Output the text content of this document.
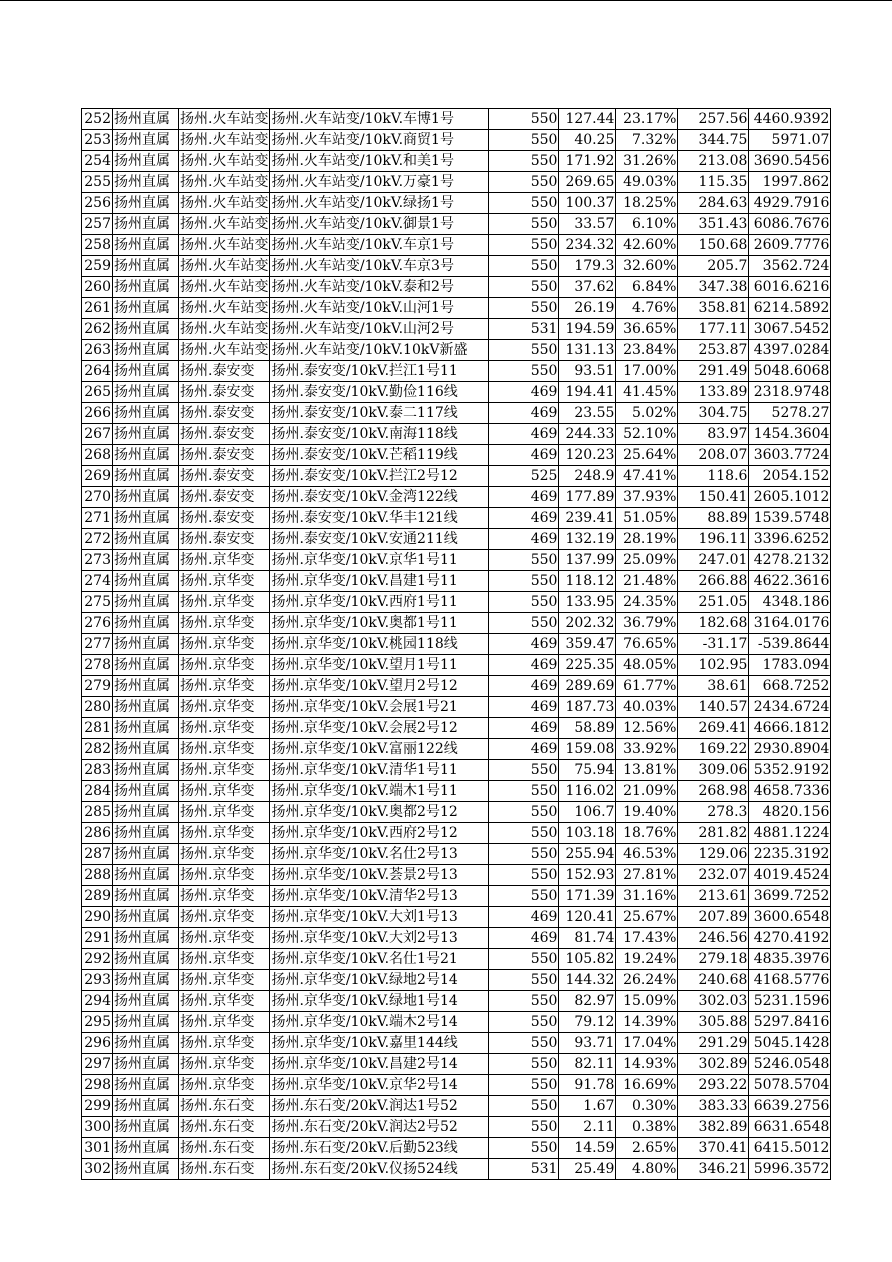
252	扬州直属	扬州.火车站变	扬州.火车站变/10kV.车博1号	550	127.44	23.17%	257.56	4460.9392
253	扬州直属	扬州.火车站变	扬州.火车站变/10kV.商贸1号	550	40.25	7.32%	344.75	5971.07
254	扬州直属	扬州.火车站变	扬州.火车站变/10kV.和美1号	550	171.92	31.26%	213.08	3690.5456
255	扬州直属	扬州.火车站变	扬州.火车站变/10kV.万豪1号	550	269.65	49.03%	115.35	1997.862
256	扬州直属	扬州.火车站变	扬州.火车站变/10kV.绿扬1号	550	100.37	18.25%	284.63	4929.7916
257	扬州直属	扬州.火车站变	扬州.火车站变/10kV.御景1号	550	33.57	6.10%	351.43	6086.7676
258	扬州直属	扬州.火车站变	扬州.火车站变/10kV.车京1号	550	234.32	42.60%	150.68	2609.7776
259	扬州直属	扬州.火车站变	扬州.火车站变/10kV.车京3号	550	179.3	32.60%	205.7	3562.724
260	扬州直属	扬州.火车站变	扬州.火车站变/10kV.泰和2号	550	37.62	6.84%	347.38	6016.6216
261	扬州直属	扬州.火车站变	扬州.火车站变/10kV.山河1号	550	26.19	4.76%	358.81	6214.5892
262	扬州直属	扬州.火车站变	扬州.火车站变/10kV.山河2号	531	194.59	36.65%	177.11	3067.5452
263	扬州直属	扬州.火车站变	扬州.火车站变/10kV.10kV新盛	550	131.13	23.84%	253.87	4397.0284
264	扬州直属	扬州.泰安变	扬州.泰安变/10kV.拦江1号11	550	93.51	17.00%	291.49	5048.6068
265	扬州直属	扬州.泰安变	扬州.泰安变/10kV.勤俭116线	469	194.41	41.45%	133.89	2318.9748
266	扬州直属	扬州.泰安变	扬州.泰安变/10kV.泰二117线	469	23.55	5.02%	304.75	5278.27
267	扬州直属	扬州.泰安变	扬州.泰安变/10kV.南海118线	469	244.33	52.10%	83.97	1454.3604
268	扬州直属	扬州.泰安变	扬州.泰安变/10kV.芒稻119线	469	120.23	25.64%	208.07	3603.7724
269	扬州直属	扬州.泰安变	扬州.泰安变/10kV.拦江2号12	525	248.9	47.41%	118.6	2054.152
270	扬州直属	扬州.泰安变	扬州.泰安变/10kV.金湾122线	469	177.89	37.93%	150.41	2605.1012
271	扬州直属	扬州.泰安变	扬州.泰安变/10kV.华丰121线	469	239.41	51.05%	88.89	1539.5748
272	扬州直属	扬州.泰安变	扬州.泰安变/10kV.安通211线	469	132.19	28.19%	196.11	3396.6252
273	扬州直属	扬州.京华变	扬州.京华变/10kV.京华1号11	550	137.99	25.09%	247.01	4278.2132
274	扬州直属	扬州.京华变	扬州.京华变/10kV.昌建1号11	550	118.12	21.48%	266.88	4622.3616
275	扬州直属	扬州.京华变	扬州.京华变/10kV.西府1号11	550	133.95	24.35%	251.05	4348.186
276	扬州直属	扬州.京华变	扬州.京华变/10kV.奥都1号11	550	202.32	36.79%	182.68	3164.0176
277	扬州直属	扬州.京华变	扬州.京华变/10kV.桃园118线	469	359.47	76.65%	-31.17	-539.8644
278	扬州直属	扬州.京华变	扬州.京华变/10kV.望月1号11	469	225.35	48.05%	102.95	1783.094
279	扬州直属	扬州.京华变	扬州.京华变/10kV.望月2号12	469	289.69	61.77%	38.61	668.7252
280	扬州直属	扬州.京华变	扬州.京华变/10kV.会展1号21	469	187.73	40.03%	140.57	2434.6724
281	扬州直属	扬州.京华变	扬州.京华变/10kV.会展2号12	469	58.89	12.56%	269.41	4666.1812
282	扬州直属	扬州.京华变	扬州.京华变/10kV.富丽122线	469	159.08	33.92%	169.22	2930.8904
283	扬州直属	扬州.京华变	扬州.京华变/10kV.清华1号11	550	75.94	13.81%	309.06	5352.9192
284	扬州直属	扬州.京华变	扬州.京华变/10kV.端木1号11	550	116.02	21.09%	268.98	4658.7336
285	扬州直属	扬州.京华变	扬州.京华变/10kV.奥都2号12	550	106.7	19.40%	278.3	4820.156
286	扬州直属	扬州.京华变	扬州.京华变/10kV.西府2号12	550	103.18	18.76%	281.82	4881.1224
287	扬州直属	扬州.京华变	扬州.京华变/10kV.名仕2号13	550	255.94	46.53%	129.06	2235.3192
288	扬州直属	扬州.京华变	扬州.京华变/10kV.荟景2号13	550	152.93	27.81%	232.07	4019.4524
289	扬州直属	扬州.京华变	扬州.京华变/10kV.清华2号13	550	171.39	31.16%	213.61	3699.7252
290	扬州直属	扬州.京华变	扬州.京华变/10kV.大刘1号13	469	120.41	25.67%	207.89	3600.6548
291	扬州直属	扬州.京华变	扬州.京华变/10kV.大刘2号13	469	81.74	17.43%	246.56	4270.4192
292	扬州直属	扬州.京华变	扬州.京华变/10kV.名仕1号21	550	105.82	19.24%	279.18	4835.3976
293	扬州直属	扬州.京华变	扬州.京华变/10kV.绿地2号14	550	144.32	26.24%	240.68	4168.5776
294	扬州直属	扬州.京华变	扬州.京华变/10kV.绿地1号14	550	82.97	15.09%	302.03	5231.1596
295	扬州直属	扬州.京华变	扬州.京华变/10kV.端木2号14	550	79.12	14.39%	305.88	5297.8416
296	扬州直属	扬州.京华变	扬州.京华变/10kV.嘉里144线	550	93.71	17.04%	291.29	5045.1428
297	扬州直属	扬州.京华变	扬州.京华变/10kV.昌建2号14	550	82.11	14.93%	302.89	5246.0548
298	扬州直属	扬州.京华变	扬州.京华变/10kV.京华2号14	550	91.78	16.69%	293.22	5078.5704
299	扬州直属	扬州.东石变	扬州.东石变/20kV.润达1号52	550	1.67	0.30%	383.33	6639.2756
300	扬州直属	扬州.东石变	扬州.东石变/20kV.润达2号52	550	2.11	0.38%	382.89	6631.6548
301	扬州直属	扬州.东石变	扬州.东石变/20kV.后勤523线	550	14.59	2.65%	370.41	6415.5012
302	扬州直属	扬州.东石变	扬州.东石变/20kV.仪扬524线	531	25.49	4.80%	346.21	5996.3572
